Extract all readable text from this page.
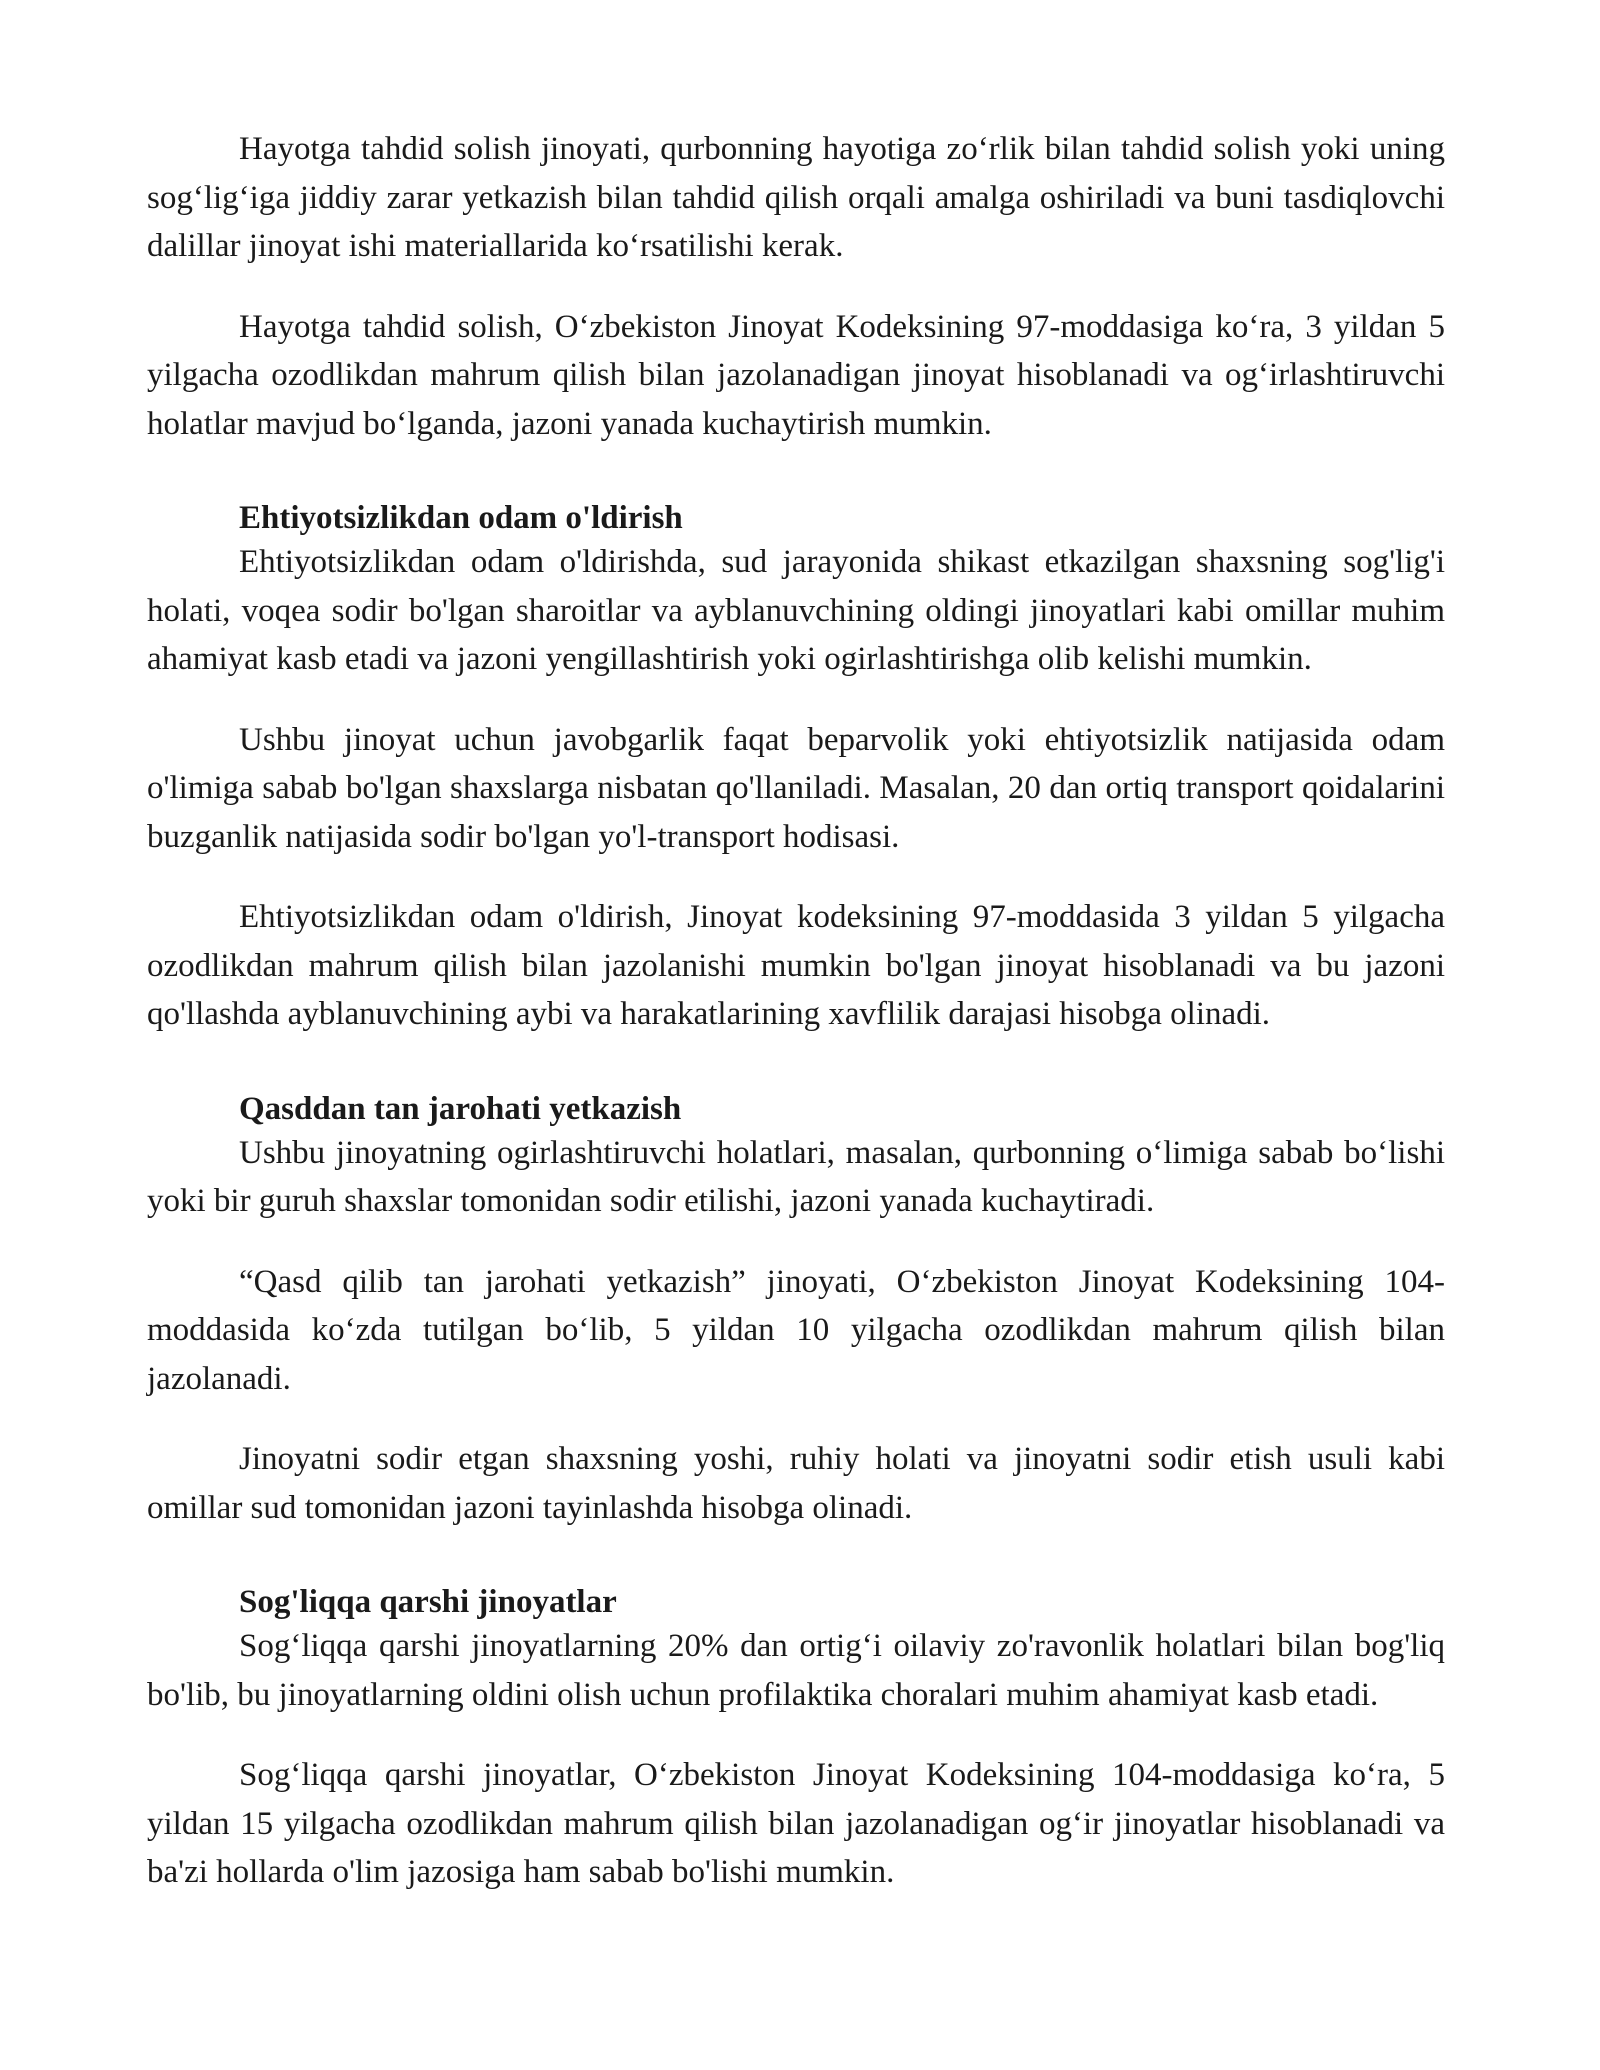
Hayotga tahdid solish jinoyati, qurbonning hayotiga zo‘rlik bilan tahdid solish yoki uning sog‘lig‘iga jiddiy zarar yetkazish bilan tahdid qilish orqali amalga oshiriladi va buni tasdiqlovchi dalillar jinoyat ishi materiallarida ko‘rsatilishi kerak.

Hayotga tahdid solish, O‘zbekiston Jinoyat Kodeksining 97-moddasiga ko‘ra, 3 yildan 5 yilgacha ozodlikdan mahrum qilish bilan jazolanadigan jinoyat hisoblanadi va og‘irlashtiruvchi holatlar mavjud bo‘lganda, jazoni yanada kuchaytirish mumkin.

Ehtiyotsizlikdan odam o'ldirish

Ehtiyotsizlikdan odam o'ldirishda, sud jarayonida shikast etkazilgan shaxsning sog'lig'i holati, voqea sodir bo'lgan sharoitlar va ayblanuvchining oldingi jinoyatlari kabi omillar muhim ahamiyat kasb etadi va jazoni yengillashtirish yoki ogirlashtirishga olib kelishi mumkin.

Ushbu jinoyat uchun javobgarlik faqat beparvolik yoki ehtiyotsizlik natijasida odam o'limiga sabab bo'lgan shaxslarga nisbatan qo'llaniladi. Masalan, 20 dan ortiq transport qoidalarini buzganlik natijasida sodir bo'lgan yo'l-transport hodisasi.

Ehtiyotsizlikdan odam o'ldirish, Jinoyat kodeksining 97-moddasida 3 yildan 5 yilgacha ozodlikdan mahrum qilish bilan jazolanishi mumkin bo'lgan jinoyat hisoblanadi va bu jazoni qo'llashda ayblanuvchining aybi va harakatlarining xavflilik darajasi hisobga olinadi.

Qasddan tan jarohati yetkazish

Ushbu jinoyatning ogirlashtiruvchi holatlari, masalan, qurbonning o‘limiga sabab bo‘lishi yoki bir guruh shaxslar tomonidan sodir etilishi, jazoni yanada kuchaytiradi.

“Qasd qilib tan jarohati yetkazish” jinoyati, O‘zbekiston Jinoyat Kodeksining 104-moddasida ko‘zda tutilgan bo‘lib, 5 yildan 10 yilgacha ozodlikdan mahrum qilish bilan jazolanadi.

Jinoyatni sodir etgan shaxsning yoshi, ruhiy holati va jinoyatni sodir etish usuli kabi omillar sud tomonidan jazoni tayinlashda hisobga olinadi.

Sog'liqqa qarshi jinoyatlar

Sog‘liqqa qarshi jinoyatlarning 20% dan ortig‘i oilaviy zo'ravonlik holatlari bilan bog'liq bo'lib, bu jinoyatlarning oldini olish uchun profilaktika choralari muhim ahamiyat kasb etadi.

Sog‘liqqa qarshi jinoyatlar, O‘zbekiston Jinoyat Kodeksining 104-moddasiga ko‘ra, 5 yildan 15 yilgacha ozodlikdan mahrum qilish bilan jazolanadigan og‘ir jinoyatlar hisoblanadi va ba'zi hollarda o'lim jazosiga ham sabab bo'lishi mumkin.
